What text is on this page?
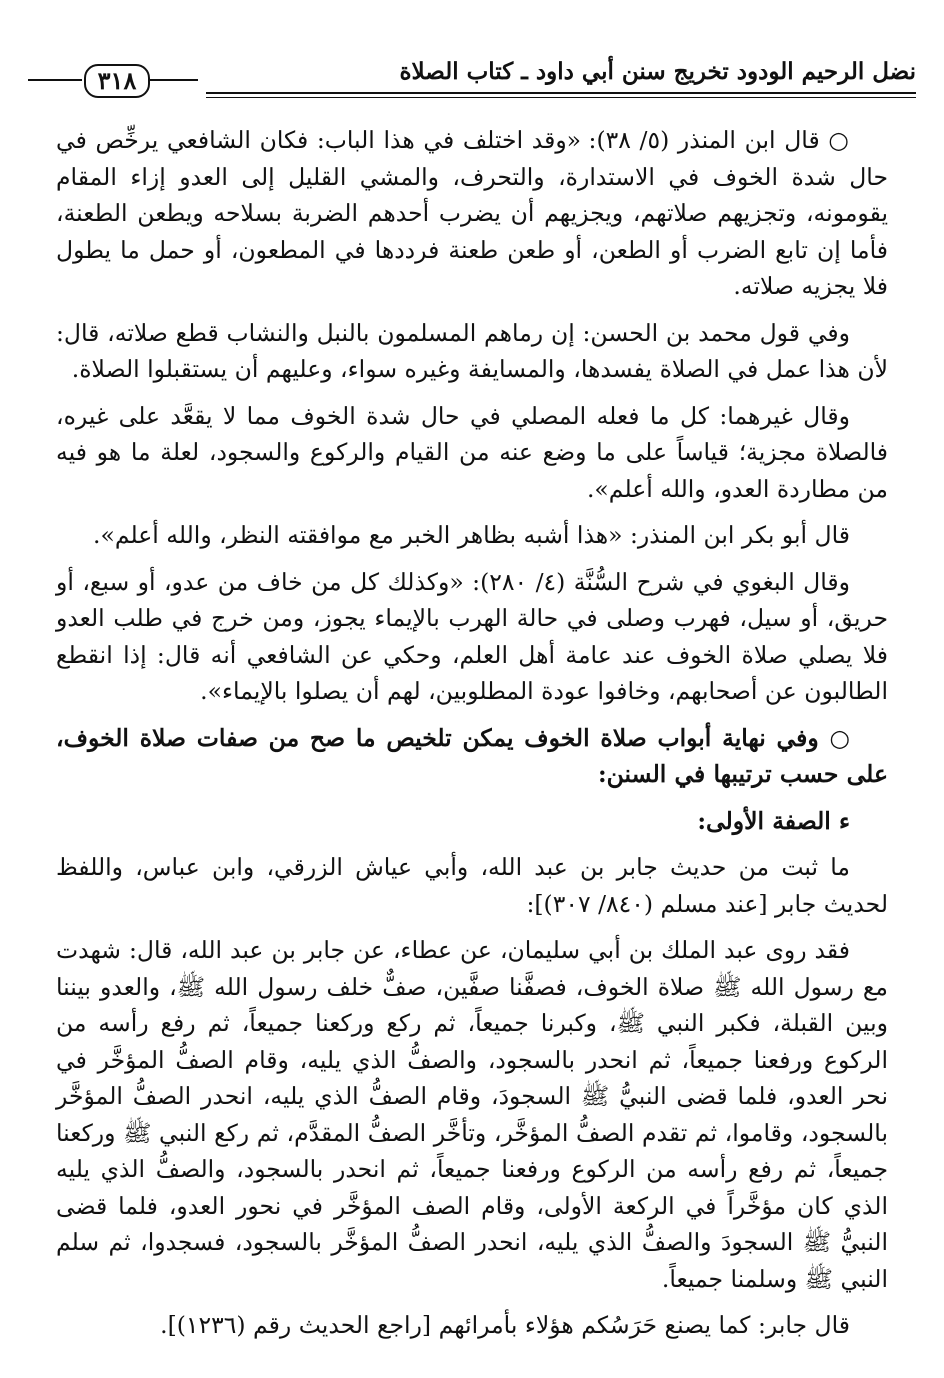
٣١٨	نضل الرحيم الودود تخريج سنن أبي داود ـ كتاب الصلاة

○ قال ابن المنذر (٥/ ٣٨): «وقد اختلف في هذا الباب: فكان الشافعي يرخِّص في حال شدة الخوف في الاستدارة، والتحرف، والمشي القليل إلى العدو إزاء المقام يقومونه، وتجزيهم صلاتهم، ويجزيهم أن يضرب أحدهم الضربة بسلاحه ويطعن الطعنة، فأما إن تابع الضرب أو الطعن، أو طعن طعنة فرددها في المطعون، أو حمل ما يطول فلا يجزيه صلاته.

وفي قول محمد بن الحسن: إن رماهم المسلمون بالنبل والنشاب قطع صلاته، قال: لأن هذا عمل في الصلاة يفسدها، والمسايفة وغيره سواء، وعليهم أن يستقبلوا الصلاة.

وقال غيرهما: كل ما فعله المصلي في حال شدة الخوف مما لا يقعَّد على غيره، فالصلاة مجزية؛ قياساً على ما وضع عنه من القيام والركوع والسجود، لعلة ما هو فيه من مطاردة العدو، والله أعلم».

قال أبو بكر ابن المنذر: «هذا أشبه بظاهر الخبر مع موافقته النظر، والله أعلم».

وقال البغوي في شرح السُّنَّة (٤/ ٢٨٠): «وكذلك كل من خاف من عدو، أو سبع، أو حريق، أو سيل، فهرب وصلى في حالة الهرب بالإيماء يجوز، ومن خرج في طلب العدو فلا يصلي صلاة الخوف عند عامة أهل العلم، وحكي عن الشافعي أنه قال: إذا انقطع الطالبون عن أصحابهم، وخافوا عودة المطلوبين، لهم أن يصلوا بالإيماء».

○ وفي نهاية أبواب صلاة الخوف يمكن تلخيص ما صح من صفات صلاة الخوف، على حسب ترتيبها في السنن:

ء الصفة الأولى:

ما ثبت من حديث جابر بن عبد الله، وأبي عياش الزرقي، وابن عباس، واللفظ لحديث جابر [عند مسلم (٨٤٠/ ٣٠٧)]:

فقد روى عبد الملك بن أبي سليمان، عن عطاء، عن جابر بن عبد الله، قال: شهدت مع رسول الله ﷺ صلاة الخوف، فصفَّنا صفَّين، صفٌّ خلف رسول الله ﷺ، والعدو بيننا وبين القبلة، فكبر النبي ﷺ، وكبرنا جميعاً، ثم ركع وركعنا جميعاً، ثم رفع رأسه من الركوع ورفعنا جميعاً، ثم انحدر بالسجود، والصفُّ الذي يليه، وقام الصفُّ المؤخَّر في نحر العدو، فلما قضى النبيُّ ﷺ السجودَ، وقام الصفُّ الذي يليه، انحدر الصفُّ المؤخَّر بالسجود، وقاموا، ثم تقدم الصفُّ المؤخَّر، وتأخَّر الصفُّ المقدَّم، ثم ركع النبي ﷺ وركعنا جميعاً، ثم رفع رأسه من الركوع ورفعنا جميعاً، ثم انحدر بالسجود، والصفُّ الذي يليه الذي كان مؤخَّراً في الركعة الأولى، وقام الصف المؤخَّر في نحور العدو، فلما قضى النبيُّ ﷺ السجودَ والصفُّ الذي يليه، انحدر الصفُّ المؤخَّر بالسجود، فسجدوا، ثم سلم النبي ﷺ وسلمنا جميعاً.

قال جابر: كما يصنع حَرَسُكم هؤلاء بأمرائهم [راجع الحديث رقم (١٢٣٦)].
